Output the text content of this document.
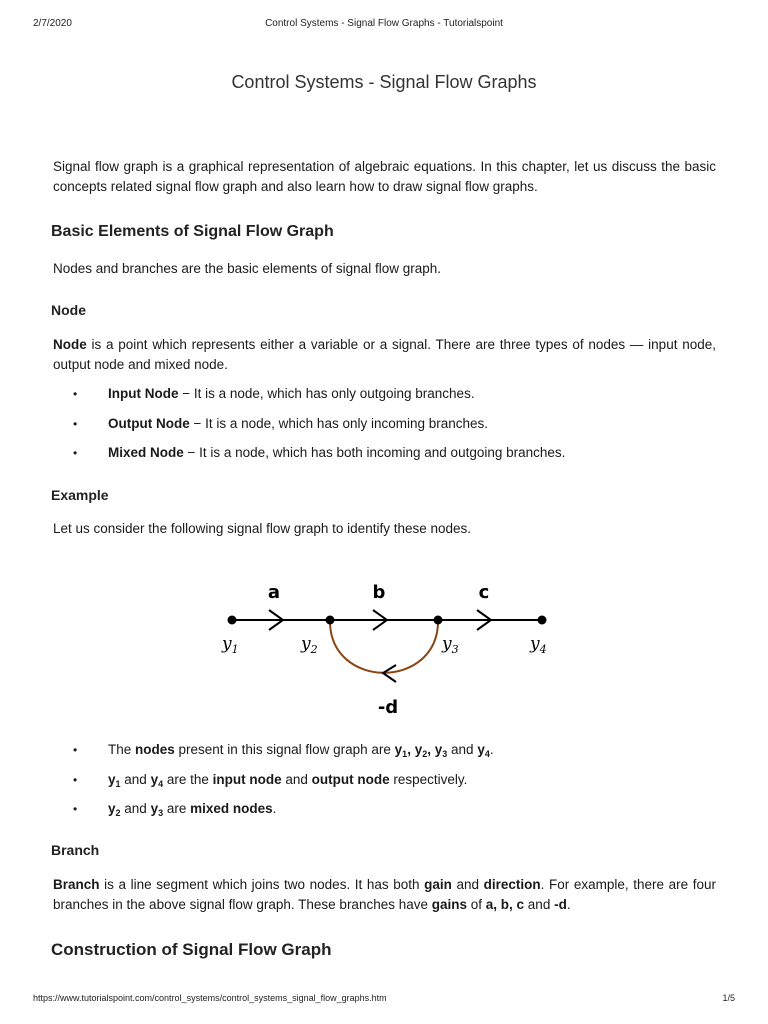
2/7/2020	Control Systems - Signal Flow Graphs - Tutorialspoint
Control Systems - Signal Flow Graphs

Signal flow graph is a graphical representation of algebraic equations. In this chapter, let us discuss the basic concepts related signal flow graph and also learn how to draw signal flow graphs.

Basic Elements of Signal Flow Graph

Nodes and branches are the basic elements of signal flow graph.

Node

Node is a point which represents either a variable or a signal. There are three types of nodes — input node, output node and mixed node.

• Input Node − It is a node, which has only outgoing branches.
• Output Node − It is a node, which has only incoming branches.
• Mixed Node − It is a node, which has both incoming and outgoing branches.
Example

Let us consider the following signal flow graph to identify these nodes.

a	b	c
-d
$y_1$	$y_2$	$y_3$	$y_4$
• The nodes present in this signal flow graph are $y_1$, $y_2$, $y_3$ and $y_4$.
• $y_1$ and $y_4$ are the input node and output node respectively.
• $y_2$ and $y_3$ are mixed nodes.
Branch

Branch is a line segment which joins two nodes. It has both gain and direction. For example, there are four branches in the above signal flow graph. These branches have gains of a, b, c and -d.

Construction of Signal Flow Graph
https://www.tutorialspoint.com/control_systems/control_systems_signal_flow_graphs.htm	1/5
